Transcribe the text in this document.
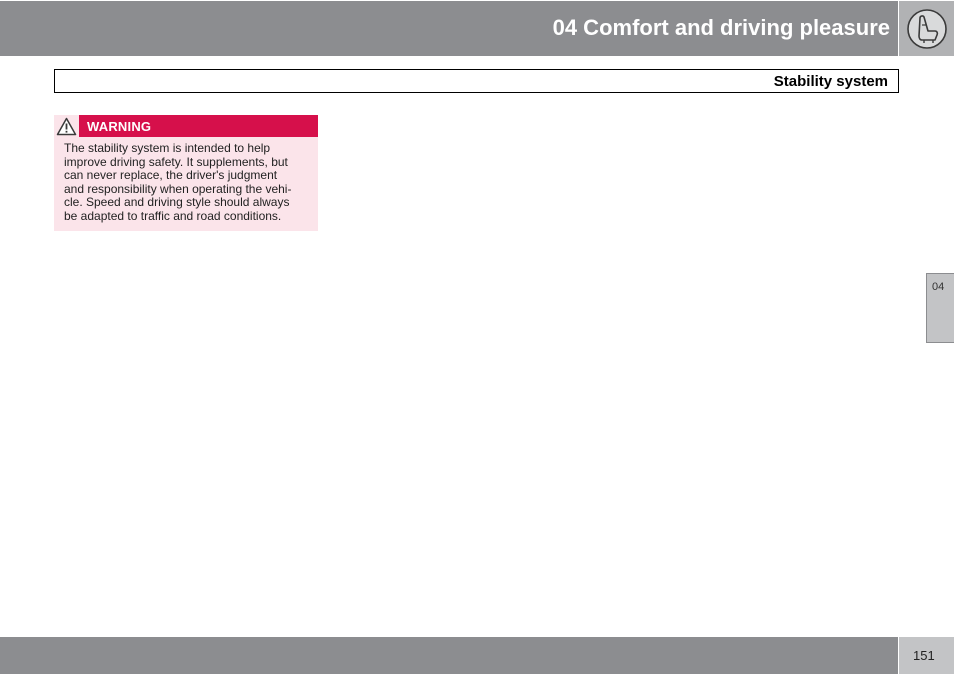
04 Comfort and driving pleasure
Stability system
WARNING
The stability system is intended to help
improve driving safety. It supplements, but
can never replace, the driver's judgment
and responsibility when operating the vehi-
cle. Speed and driving style should always
be adapted to traffic and road conditions.
04
151
